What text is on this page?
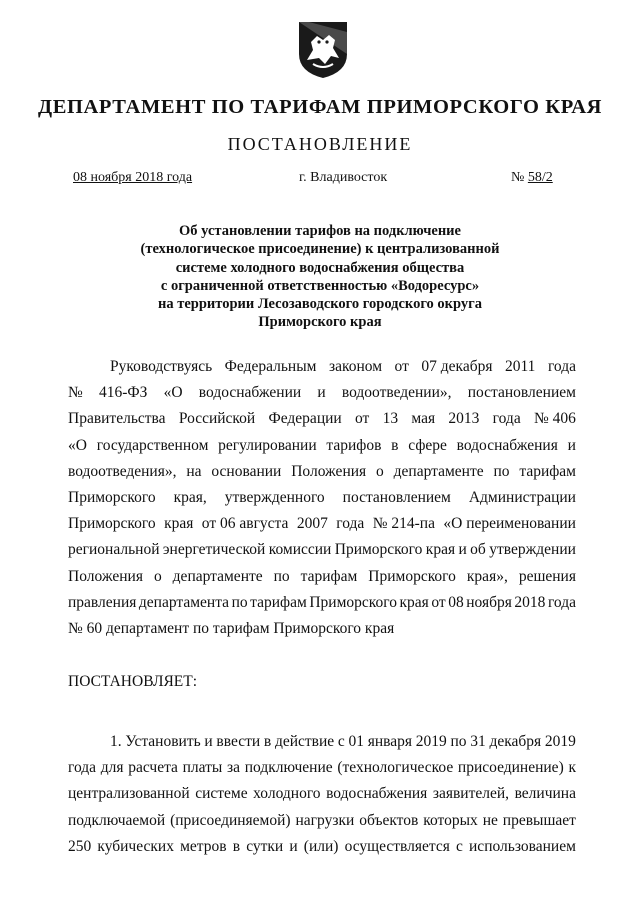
ДЕПАРТАМЕНТ ПО ТАРИФАМ ПРИМОРСКОГО КРАЯ
ПОСТАНОВЛЕНИЕ
08 ноября 2018 года	г. Владивосток	№ 58/2
Об установлении тарифов на подключение
(технологическое присоединение) к централизованной
системе холодного водоснабжения общества
с ограниченной ответственностью «Водоресурс»
на территории Лесозаводского городского округа
Приморского края
Руководствуясь Федеральным законом от 07 декабря 2011 года
№ 416-ФЗ «О водоснабжении и водоотведении», постановлением
Правительства Российской Федерации от 13 мая 2013 года № 406
«О государственном регулировании тарифов в сфере водоснабжения и
водоотведения», на основании Положения о департаменте по тарифам
Приморского края, утвержденного постановлением Администрации
Приморского края от 06 августа 2007 года № 214-па «О переименовании
региональной энергетической комиссии Приморского края и об утверждении
Положения о департаменте по тарифам Приморского края», решения
правления департамента по тарифам Приморского края от 08 ноября 2018 года
№ 60 департамент по тарифам Приморского края
ПОСТАНОВЛЯЕТ:
1. Установить и ввести в действие с 01 января 2019 по 31 декабря 2019
года для расчета платы за подключение (технологическое присоединение) к
централизованной системе холодного водоснабжения заявителей, величина
подключаемой (присоединяемой) нагрузки объектов которых не превышает
250 кубических метров в сутки и (или) осуществляется с использованием
